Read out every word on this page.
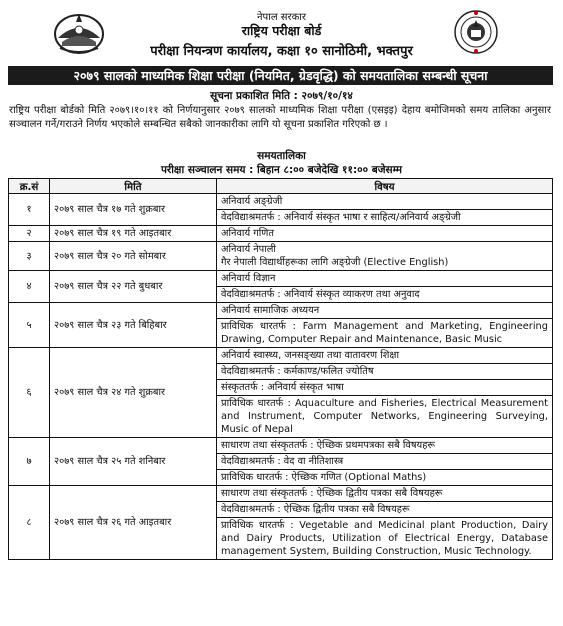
नेपाल सरकार
राष्ट्रिय परीक्षा बोर्ड
परीक्षा नियन्त्रण कार्यालय, कक्षा १० सानोठिमी, भक्तपुर
२०७९ सालको माध्यमिक शिक्षा परीक्षा (नियमित, ग्रेडवृद्धि) को समयतालिका सम्बन्धी सूचना
सूचना प्रकाशित मिति : २०७९/१०/१४
राष्ट्रिय परीक्षा बोर्डको मिति २०७९।१०।११ को निर्णयानुसार २०७९ सालको माध्यमिक शिक्षा परीक्षा (एसइइ) देहाय बमोजिमको समय तालिका अनुसार सञ्चालन गर्ने/गराउने निर्णय भएकोले सम्बन्धित सबैको जानकारीका लागि यो सूचना प्रकाशित गरिएको छ ।
समयतालिका
परीक्षा सञ्चालन समय : बिहान ८:०० बजेदेखि ११:०० बजेसम्म
क्र.सं	मिति	विषय
१	२०७९ साल चैत्र १७ गते शुक्रबार	अनिवार्य अङ्ग्रेजी
		वेदविद्याश्रमतर्फ : अनिवार्य संस्कृत भाषा र साहित्य/अनिवार्य अङ्ग्रेजी
२	२०७९ साल चैत्र १९ गते आइतबार	अनिवार्य गणित
३	२०७९ साल चैत्र २० गते सोमबार	अनिवार्य नेपाली
गैर नेपाली विद्यार्थीहरूका लागि अङ्ग्रेजी (Elective English)

४	२०७९ साल चैत्र २२ गते बुधबार	अनिवार्य विज्ञान
		वेदविद्याश्रमतर्फ : अनिवार्य संस्कृत व्याकरण तथा अनुवाद
५	२०७९ साल चैत्र २३ गते बिहिबार	अनिवार्य सामाजिक अध्ययन
		प्राविधिक धारतर्फ : Farm Management and Marketing, Engineering Drawing, Computer Repair and Maintenance, Basic Music
६	२०७९ साल चैत्र २४ गते शुक्रबार	अनिवार्य स्वास्थ्य, जनसङ्ख्या तथा वातावरण शिक्षा
		वेदविद्याश्रमतर्फ : कर्मकाण्ड/फलित ज्योतिष
		संस्कृततर्फ : अनिवार्य संस्कृत भाषा
		प्राविधिक धारतर्फ : Aquaculture and Fisheries, Electrical Measurement and Instrument, Computer Networks, Engineering Surveying, Music of Nepal
७	२०७९ साल चैत्र २५ गते शनिबार	साधारण तथा संस्कृततर्फ : ऐच्छिक प्रथमपत्रका सबै विषयहरू
		वेदविद्याश्रमतर्फ : वेद वा नीतिशास्त्र
		प्राविधिक धारतर्फ : ऐच्छिक गणित (Optional Maths)
८	२०७९ साल चैत्र २६ गते आइतबार	साधारण तथा संस्कृततर्फ : ऐच्छिक द्वितीय पत्रका सबै विषयहरू
		वेदविद्याश्रमतर्फ : ऐच्छिक द्वितीय पत्रका सबै विषयहरू
		प्राविधिक धारतर्फ : Vegetable and Medicinal plant Production, Dairy and Dairy Products, Utilization of Electrical Energy, Database management System, Building Construction, Music Technology.
